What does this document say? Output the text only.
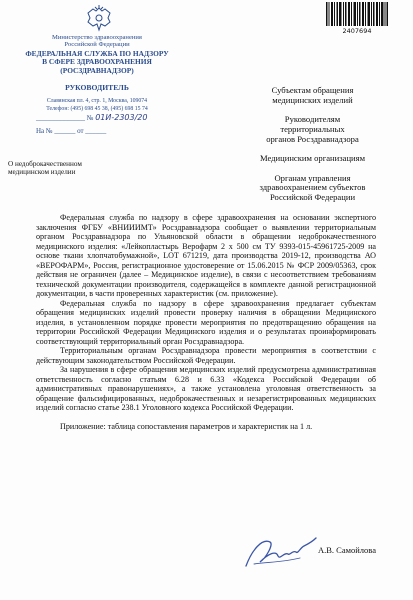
2407694
Министерство здравоохранения
Российской Федерации
ФЕДЕРАЛЬНАЯ СЛУЖБА ПО НАДЗОРУ
В СФЕРЕ ЗДРАВООХРАНЕНИЯ
(РОСЗДРАВНАДЗОР)
РУКОВОДИТЕЛЬ
Славянская пл. 4, стр. 1, Москва, 109074
Телефон: (495) 698 45 38, (495) 698 15 74
______________ № 01И-2303/20
На № ______ от ______
О недоброкачественном
медицинском изделии
Субъектам обращения
медицинских изделий
Руководителям
территориальных
органов Росздравнадзора
Медицинским организациям
Органам управления
здравоохранением субъектов
Российской Федерации

Федеральная служба по надзору в сфере здравоохранения на основании экспертного заключения ФГБУ «ВНИИИМТ» Росздравнадзора сообщает о выявлении территориальным органом Росздравнадзора по Ульяновской области в обращении недоброкачественного медицинского изделия: «Лейкопластырь Верофарм 2 х 500 см ТУ 9393-015-45961725-2009 на основе ткани хлопчатобумажной», LOT 671219, дата производства 2019-12, производства АО «ВЕРОФАРМ», Россия, регистрационное удостоверение от 15.06.2015 № ФСР 2009/05363, срок действия не ограничен (далее – Медицинское изделие), в связи с несоответствием требованиям технической документации производителя, содержащейся в комплекте данной регистрационной документации, в части проверенных характеристик (см. приложение).

Федеральная служба по надзору в сфере здравоохранения предлагает субъектам обращения медицинских изделий провести проверку наличия в обращении Медицинского изделия, в установленном порядке провести мероприятия по предотвращению обращения на территории Российской Федерации Медицинского изделия и о результатах проинформировать соответствующий территориальный орган Росздравнадзора.

Территориальным органам Росздравнадзора провести мероприятия в соответствии с действующим законодательством Российской Федерации.

За нарушения в сфере обращения медицинских изделий предусмотрена административная ответственность согласно статьям 6.28 и 6.33 «Кодекса Российской Федерации об административных правонарушениях», а также установлена уголовная ответственность за обращение фальсифицированных, недоброкачественных и незарегистрированных медицинских изделий согласно статье 238.1 Уголовного кодекса Российской Федерации.

Приложение: таблица сопоставления параметров и характеристик на 1 л.

А.В. Самойлова
